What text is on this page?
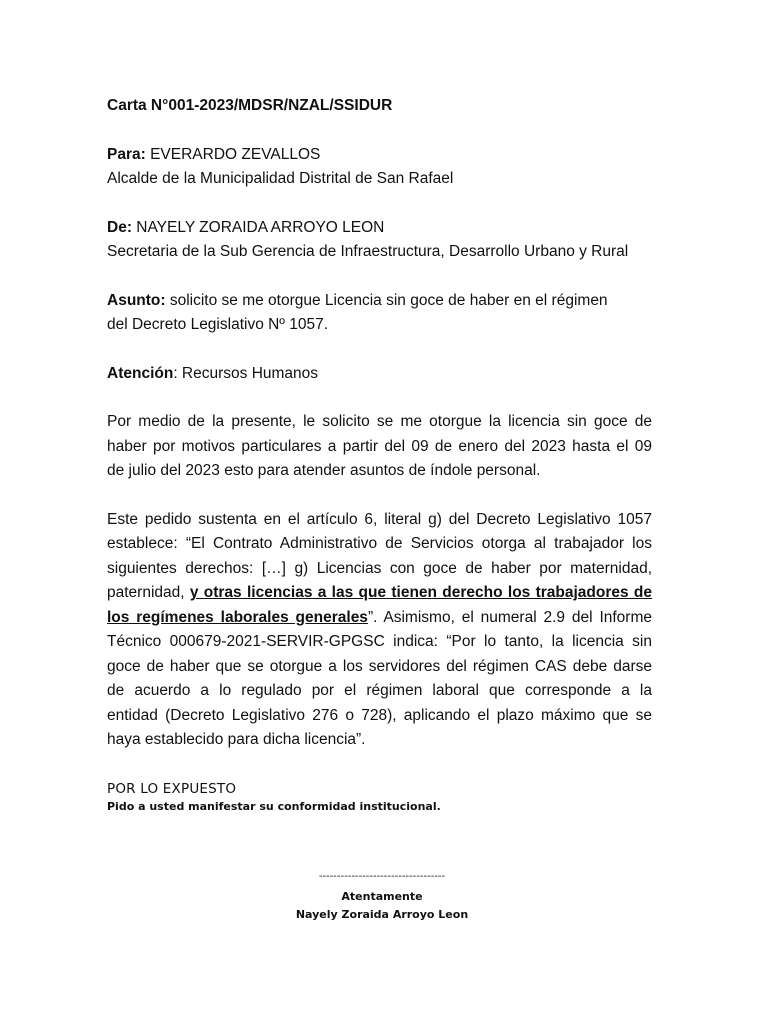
Carta N°001-2023/MDSR/NZAL/SSIDUR
Para: EVERARDO ZEVALLOS
Alcalde de la Municipalidad Distrital de San Rafael
De: NAYELY ZORAIDA ARROYO LEON
Secretaria de la Sub Gerencia de Infraestructura, Desarrollo Urbano y Rural
Asunto: solicito se me otorgue Licencia sin goce de haber en el régimen
del Decreto Legislativo Nº 1057.
Atención: Recursos Humanos
Por medio de la presente, le solicito se me otorgue la licencia sin goce de
haber por motivos particulares a partir del 09 de enero del 2023 hasta el 09
de julio del 2023 esto para atender asuntos de índole personal.
Este pedido sustenta en el artículo 6, literal g) del Decreto Legislativo 1057
establece: “El Contrato Administrativo de Servicios otorga al trabajador los
siguientes derechos: […] g) Licencias con goce de haber por maternidad,
paternidad, y otras licencias a las que tienen derecho los trabajadores de
los regímenes laborales generales”. Asimismo, el numeral 2.9 del Informe
Técnico 000679-2021-SERVIR-GPGSC indica: “Por lo tanto, la licencia sin
goce de haber que se otorgue a los servidores del régimen CAS debe darse
de acuerdo a lo regulado por el régimen laboral que corresponde a la
entidad (Decreto Legislativo 276 o 728), aplicando el plazo máximo que se
haya establecido para dicha licencia”.
POR LO EXPUESTO
Pido a usted manifestar su conformidad institucional.
-----------------------------------
Atentamente
Nayely Zoraida Arroyo Leon
